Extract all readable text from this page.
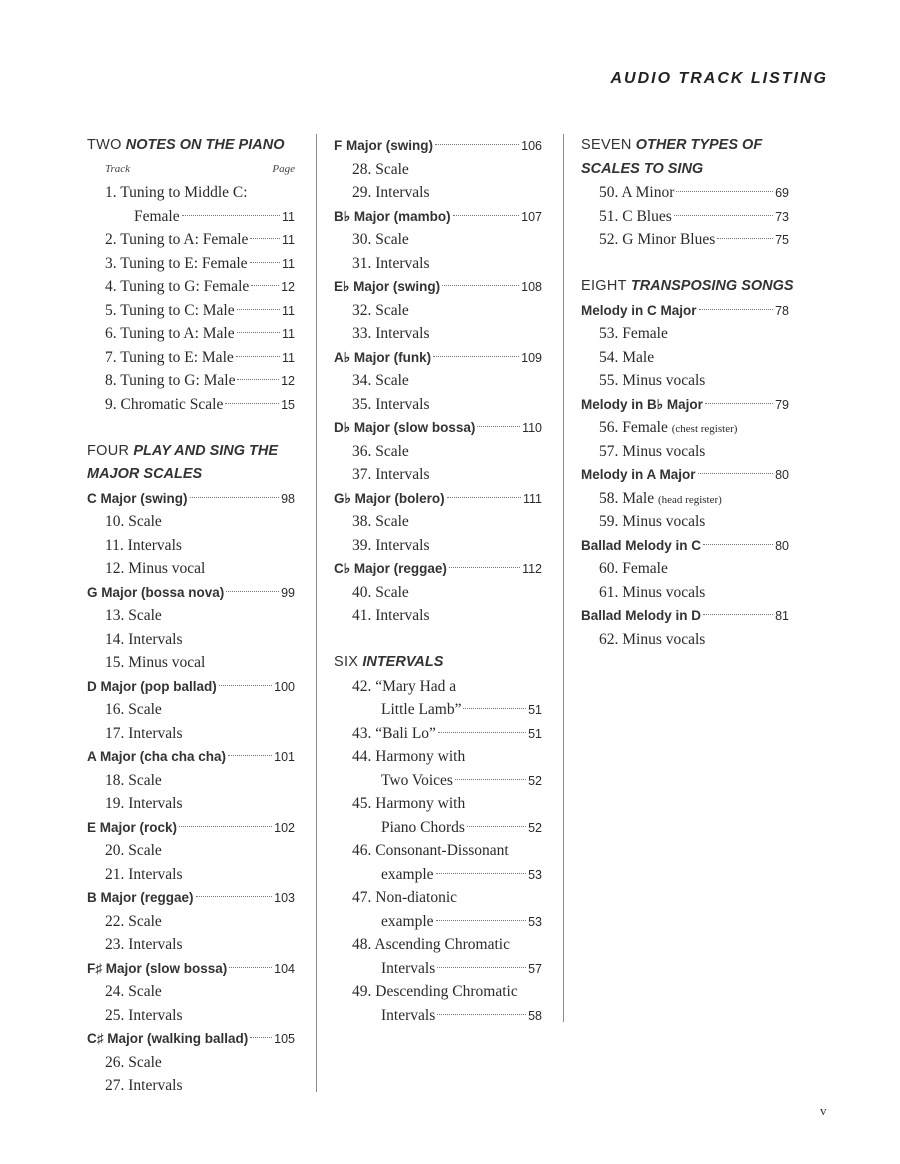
AUDIO TRACK LISTING
TWO NOTES ON THE PIANO
Track	Page
1. Tuning to Middle C:
Female	11
2. Tuning to A: Female	11
3. Tuning to E: Female	11
4. Tuning to G: Female	12
5. Tuning to C: Male	11
6. Tuning to A: Male	11
7. Tuning to E: Male	11
8. Tuning to G: Male	12
9. Chromatic Scale	15
FOUR PLAY AND SING THE
MAJOR SCALES
C Major (swing)	98
10. Scale
11. Intervals
12. Minus vocal
G Major (bossa nova)	99
13. Scale
14. Intervals
15. Minus vocal
D Major (pop ballad)	100
16. Scale
17. Intervals
A Major (cha cha cha)	101
18. Scale
19. Intervals
E Major (rock)	102
20. Scale
21. Intervals
B Major (reggae)	103
22. Scale
23. Intervals
F♯ Major (slow bossa)	104
24. Scale
25. Intervals
C♯ Major (walking ballad) 105
26. Scale
27. Intervals
F Major (swing)	106
28. Scale
29. Intervals
B♭ Major (mambo)	107
30. Scale
31. Intervals
E♭ Major (swing)	108
32. Scale
33. Intervals
A♭ Major (funk)	109
34. Scale
35. Intervals
D♭ Major (slow bossa)	110
36. Scale
37. Intervals
G♭ Major (bolero)	111
38. Scale
39. Intervals
C♭ Major (reggae)	112
40. Scale
41. Intervals
SIX INTERVALS
42. “Mary Had a
Little Lamb”	51
43. “Bali Lo”	51
44. Harmony with
Two Voices	52
45. Harmony with
Piano Chords	52
46. Consonant-Dissonant
example	53
47. Non-diatonic
example	53
48. Ascending Chromatic
Intervals	57
49. Descending Chromatic
Intervals	58
SEVEN OTHER TYPES OF
SCALES TO SING
50. A Minor	69
51. C Blues	73
52. G Minor Blues	75
EIGHT TRANSPOSING SONGS
Melody in C Major	78
53. Female
54. Male
55. Minus vocals
Melody in B♭ Major	79
56. Female (chest register)
57. Minus vocals
Melody in A Major	80
58. Male (head register)
59. Minus vocals
Ballad Melody in C	80
60. Female
61. Minus vocals
Ballad Melody in D	81
62. Minus vocals
v
